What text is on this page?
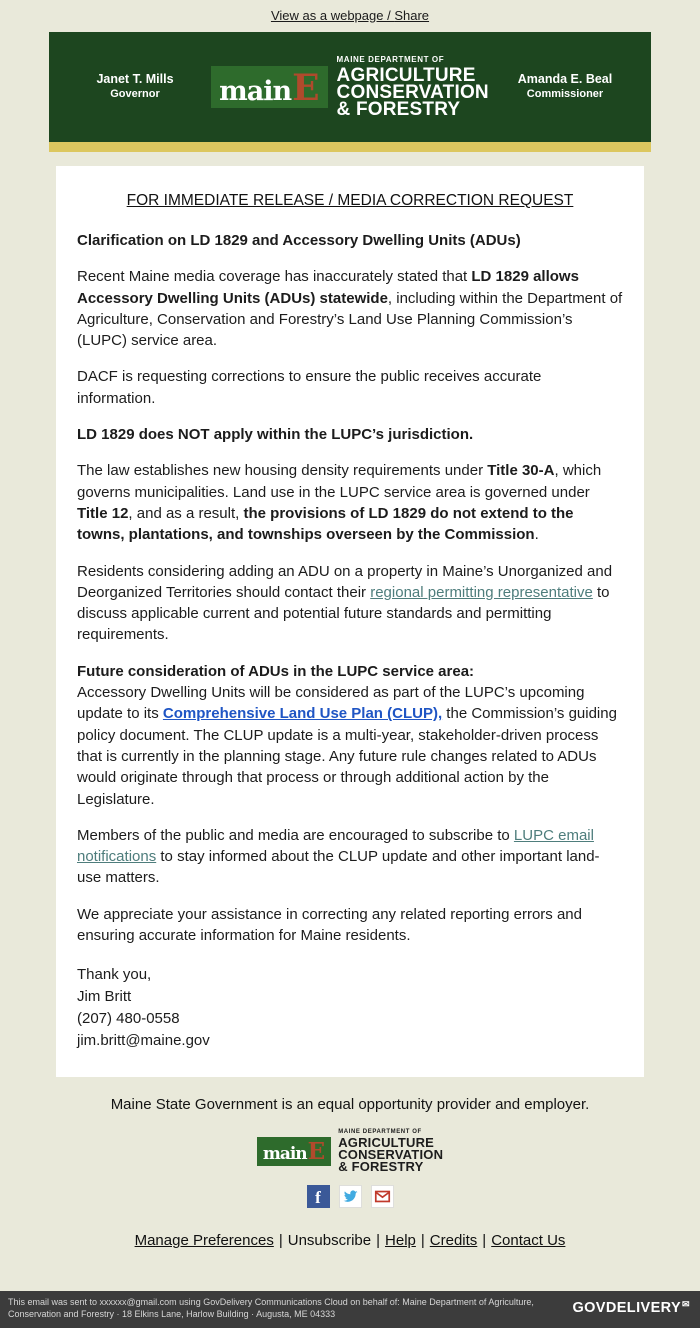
View as a webpage / Share
Janet T. Mills
Governor	main E
MAINE DEPARTMENT OF
AGRICULTURE
CONSERVATION
& FORESTRY
Amanda E. Beal
Commissioner
FOR IMMEDIATE RELEASE / MEDIA CORRECTION REQUEST

Clarification on LD 1829 and Accessory Dwelling Units (ADUs)

Recent Maine media coverage has inaccurately stated that LD 1829 allows Accessory Dwelling Units (ADUs) statewide, including within the Department of Agriculture, Conservation and Forestry’s Land Use Planning Commission’s (LUPC) service area.

DACF is requesting corrections to ensure the public receives accurate information.

LD 1829 does NOT apply within the LUPC’s jurisdiction.

The law establishes new housing density requirements under Title 30-A, which governs municipalities. Land use in the LUPC service area is governed under Title 12, and as a result, the provisions of LD 1829 do not extend to the towns, plantations, and townships overseen by the Commission.

Residents considering adding an ADU on a property in Maine’s Unorganized and Deorganized Territories should contact their regional permitting representative to discuss applicable current and potential future standards and permitting requirements.

Future consideration of ADUs in the LUPC service area:
Accessory Dwelling Units will be considered as part of the LUPC’s upcoming update to its Comprehensive Land Use Plan (CLUP), the Commission’s guiding policy document. The CLUP update is a multi-year, stakeholder-driven process that is currently in the planning stage. Any future rule changes related to ADUs would originate through that process or through additional action by the Legislature.

Members of the public and media are encouraged to subscribe to LUPC email notifications to stay informed about the CLUP update and other important land-use matters.

We appreciate your assistance in correcting any related reporting errors and ensuring accurate information for Maine residents.

Thank you,
Jim Britt
(207) 480-0558
jim.britt@maine.gov
Maine State Government is an equal opportunity provider and employer.
main E
MAINE DEPARTMENT OF
AGRICULTURE
CONSERVATION
& FORESTRY
f
Manage Preferences | Unsubscribe | Help | Credits | Contact Us
This email was sent to xxxxxx@gmail.com using GovDelivery Communications Cloud on behalf of: Maine Department of Agriculture, Conservation and Forestry · 18 Elkins Lane, Harlow Building · Augusta, ME 04333	GOVDELIVERY ✉
